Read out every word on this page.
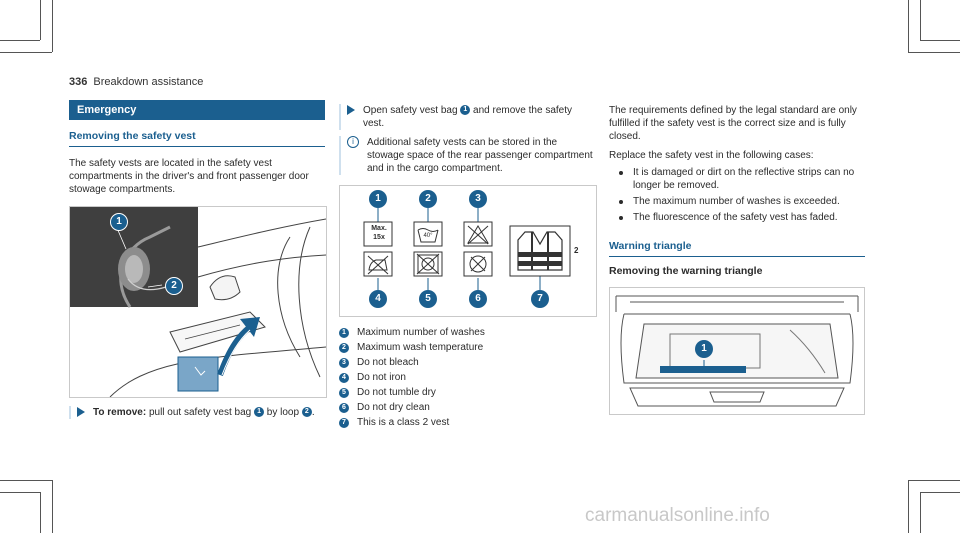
336 Breakdown assistance
Emergency
Removing the safety vest
The safety vests are located in the safety vest compartments in the driver's and front passenger door stowage compartments.
1
2
To remove: pull out safety vest bag 1 by loop 2 .
Open safety vest bag 1 and remove the safety vest.
i	Additional safety vests can be stored in the stowage space of the rear passenger compartment and in the cargo compartment.
Max.
15x	40°
2
1	2	3
4	5	6	7
1	Maximum number of washes
2	Maximum wash temperature
3	Do not bleach
4	Do not iron
5	Do not tumble dry
6	Do not dry clean
7	This is a class 2 vest
The requirements defined by the legal standard are only fulfilled if the safety vest is the correct size and is fully closed.
Replace the safety vest in the following cases:
It is damaged or dirt on the reflective strips can no longer be removed.
The maximum number of washes is exceeded.
The fluorescence of the safety vest has faded.
Warning triangle
Removing the warning triangle
1
carmanualsonline.info
